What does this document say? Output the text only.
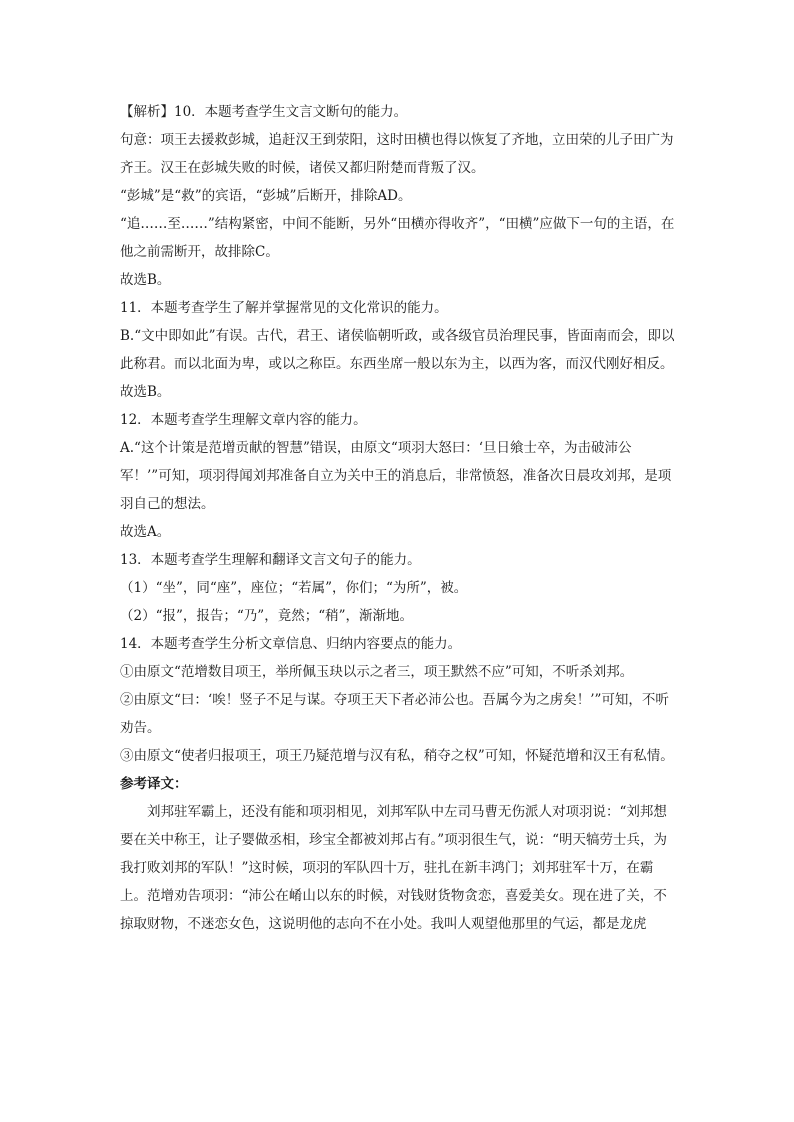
【解析】10．本题考查学生文言文断句的能力。

句意：项王去援救彭城，追赶汉王到荥阳，这时田横也得以恢复了齐地，立田荣的儿子田广为齐王。汉王在彭城失败的时候，诸侯又都归附楚而背叛了汉。

“彭城”是“救”的宾语，“彭城”后断开，排除AD。

“追……至……”结构紧密，中间不能断，另外“田横亦得收齐”，“田横”应做下一句的主语，在他之前需断开，故排除C。

故选B。

11．本题考查学生了解并掌握常见的文化常识的能力。

B.“文中即如此”有误。古代，君王、诸侯临朝听政，或各级官员治理民事，皆面南而会，即以此称君。而以北面为卑，或以之称臣。东西坐席一般以东为主，以西为客，而汉代刚好相反。

故选B。

12．本题考查学生理解文章内容的能力。

A.“这个计策是范增贡献的智慧”错误，由原文“项羽大怒曰：‘旦日飨士卒，为击破沛公军！’”可知，项羽得闻刘邦准备自立为关中王的消息后，非常愤怒，准备次日晨攻刘邦，是项羽自己的想法。

故选A。

13．本题考查学生理解和翻译文言文句子的能力。

（1）“坐”，同“座”，座位；“若属”，你们；“为所”，被。

（2）“报”，报告；“乃”，竟然；“稍”，渐渐地。

14．本题考查学生分析文章信息、归纳内容要点的能力。

①由原文“范增数目项王，举所佩玉玦以示之者三，项王默然不应”可知，不听杀刘邦。

②由原文“曰：‘唉！竖子不足与谋。夺项王天下者必沛公也。吾属今为之虏矣！’”可知，不听劝告。

③由原文“使者归报项王，项王乃疑范增与汉有私，稍夺之权”可知，怀疑范增和汉王有私情。

参考译文：

刘邦驻军霸上，还没有能和项羽相见，刘邦军队中左司马曹无伤派人对项羽说：“刘邦想要在关中称王，让子婴做丞相，珍宝全都被刘邦占有。”项羽很生气，说：“明天犒劳士兵，为我打败刘邦的军队！”这时候，项羽的军队四十万，驻扎在新丰鸿门；刘邦驻军十万，在霸上。范增劝告项羽：“沛公在崤山以东的时候，对钱财货物贪恋，喜爱美女。现在进了关，不掠取财物，不迷恋女色，这说明他的志向不在小处。我叫人观望他那里的气运，都是龙虎
